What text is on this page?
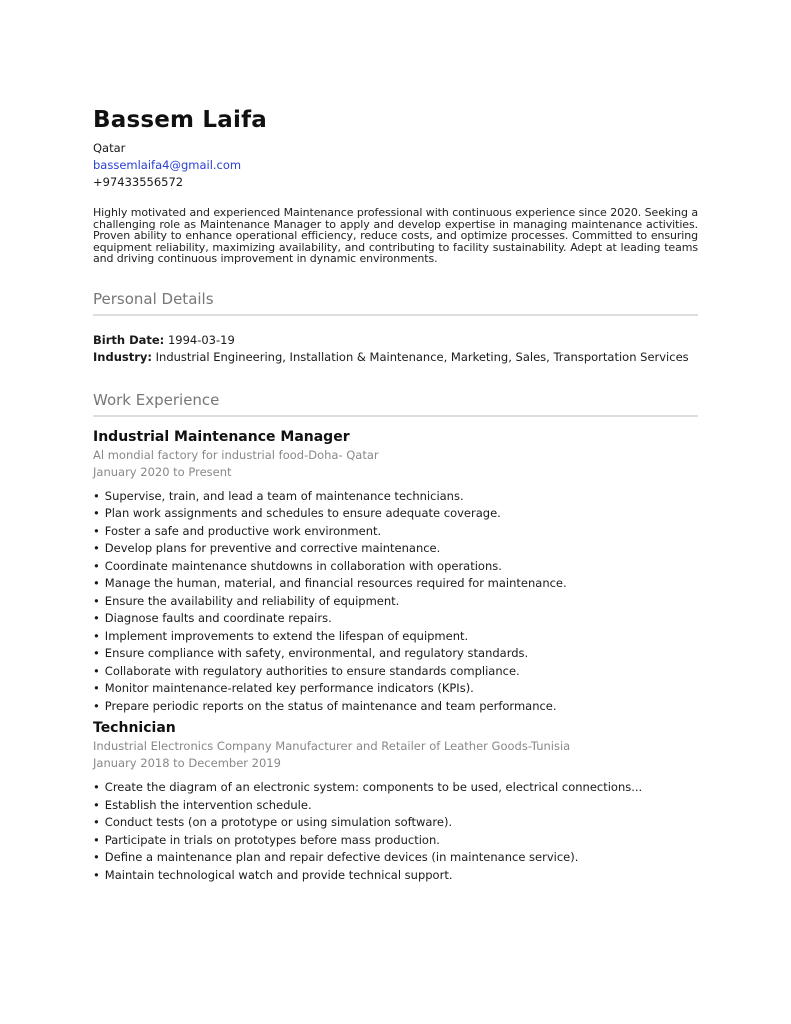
Bassem Laifa
Qatar
bassemlaifa4@gmail.com
+97433556572
Highly motivated and experienced Maintenance professional with continuous experience since 2020. Seeking a challenging role as Maintenance Manager to apply and develop expertise in managing maintenance activities. Proven ability to enhance operational efficiency, reduce costs, and optimize processes. Committed to ensuring equipment reliability, maximizing availability, and contributing to facility sustainability. Adept at leading teams and driving continuous improvement in dynamic environments.
Personal Details
Birth Date: 1994-03-19
Industry: Industrial Engineering, Installation & Maintenance, Marketing, Sales, Transportation Services
Work Experience
Industrial Maintenance Manager
Al mondial factory for industrial food-Doha- Qatar
January 2020 to Present
• Supervise, train, and lead a team of maintenance technicians.
• Plan work assignments and schedules to ensure adequate coverage.
• Foster a safe and productive work environment.
• Develop plans for preventive and corrective maintenance.
• Coordinate maintenance shutdowns in collaboration with operations.
• Manage the human, material, and financial resources required for maintenance.
• Ensure the availability and reliability of equipment.
• Diagnose faults and coordinate repairs.
• Implement improvements to extend the lifespan of equipment.
• Ensure compliance with safety, environmental, and regulatory standards.
• Collaborate with regulatory authorities to ensure standards compliance.
• Monitor maintenance-related key performance indicators (KPIs).
• Prepare periodic reports on the status of maintenance and team performance.
Technician
Industrial Electronics Company Manufacturer and Retailer of Leather Goods-Tunisia
January 2018 to December 2019
• Create the diagram of an electronic system: components to be used, electrical connections...
• Establish the intervention schedule.
• Conduct tests (on a prototype or using simulation software).
• Participate in trials on prototypes before mass production.
• Define a maintenance plan and repair defective devices (in maintenance service).
• Maintain technological watch and provide technical support.
